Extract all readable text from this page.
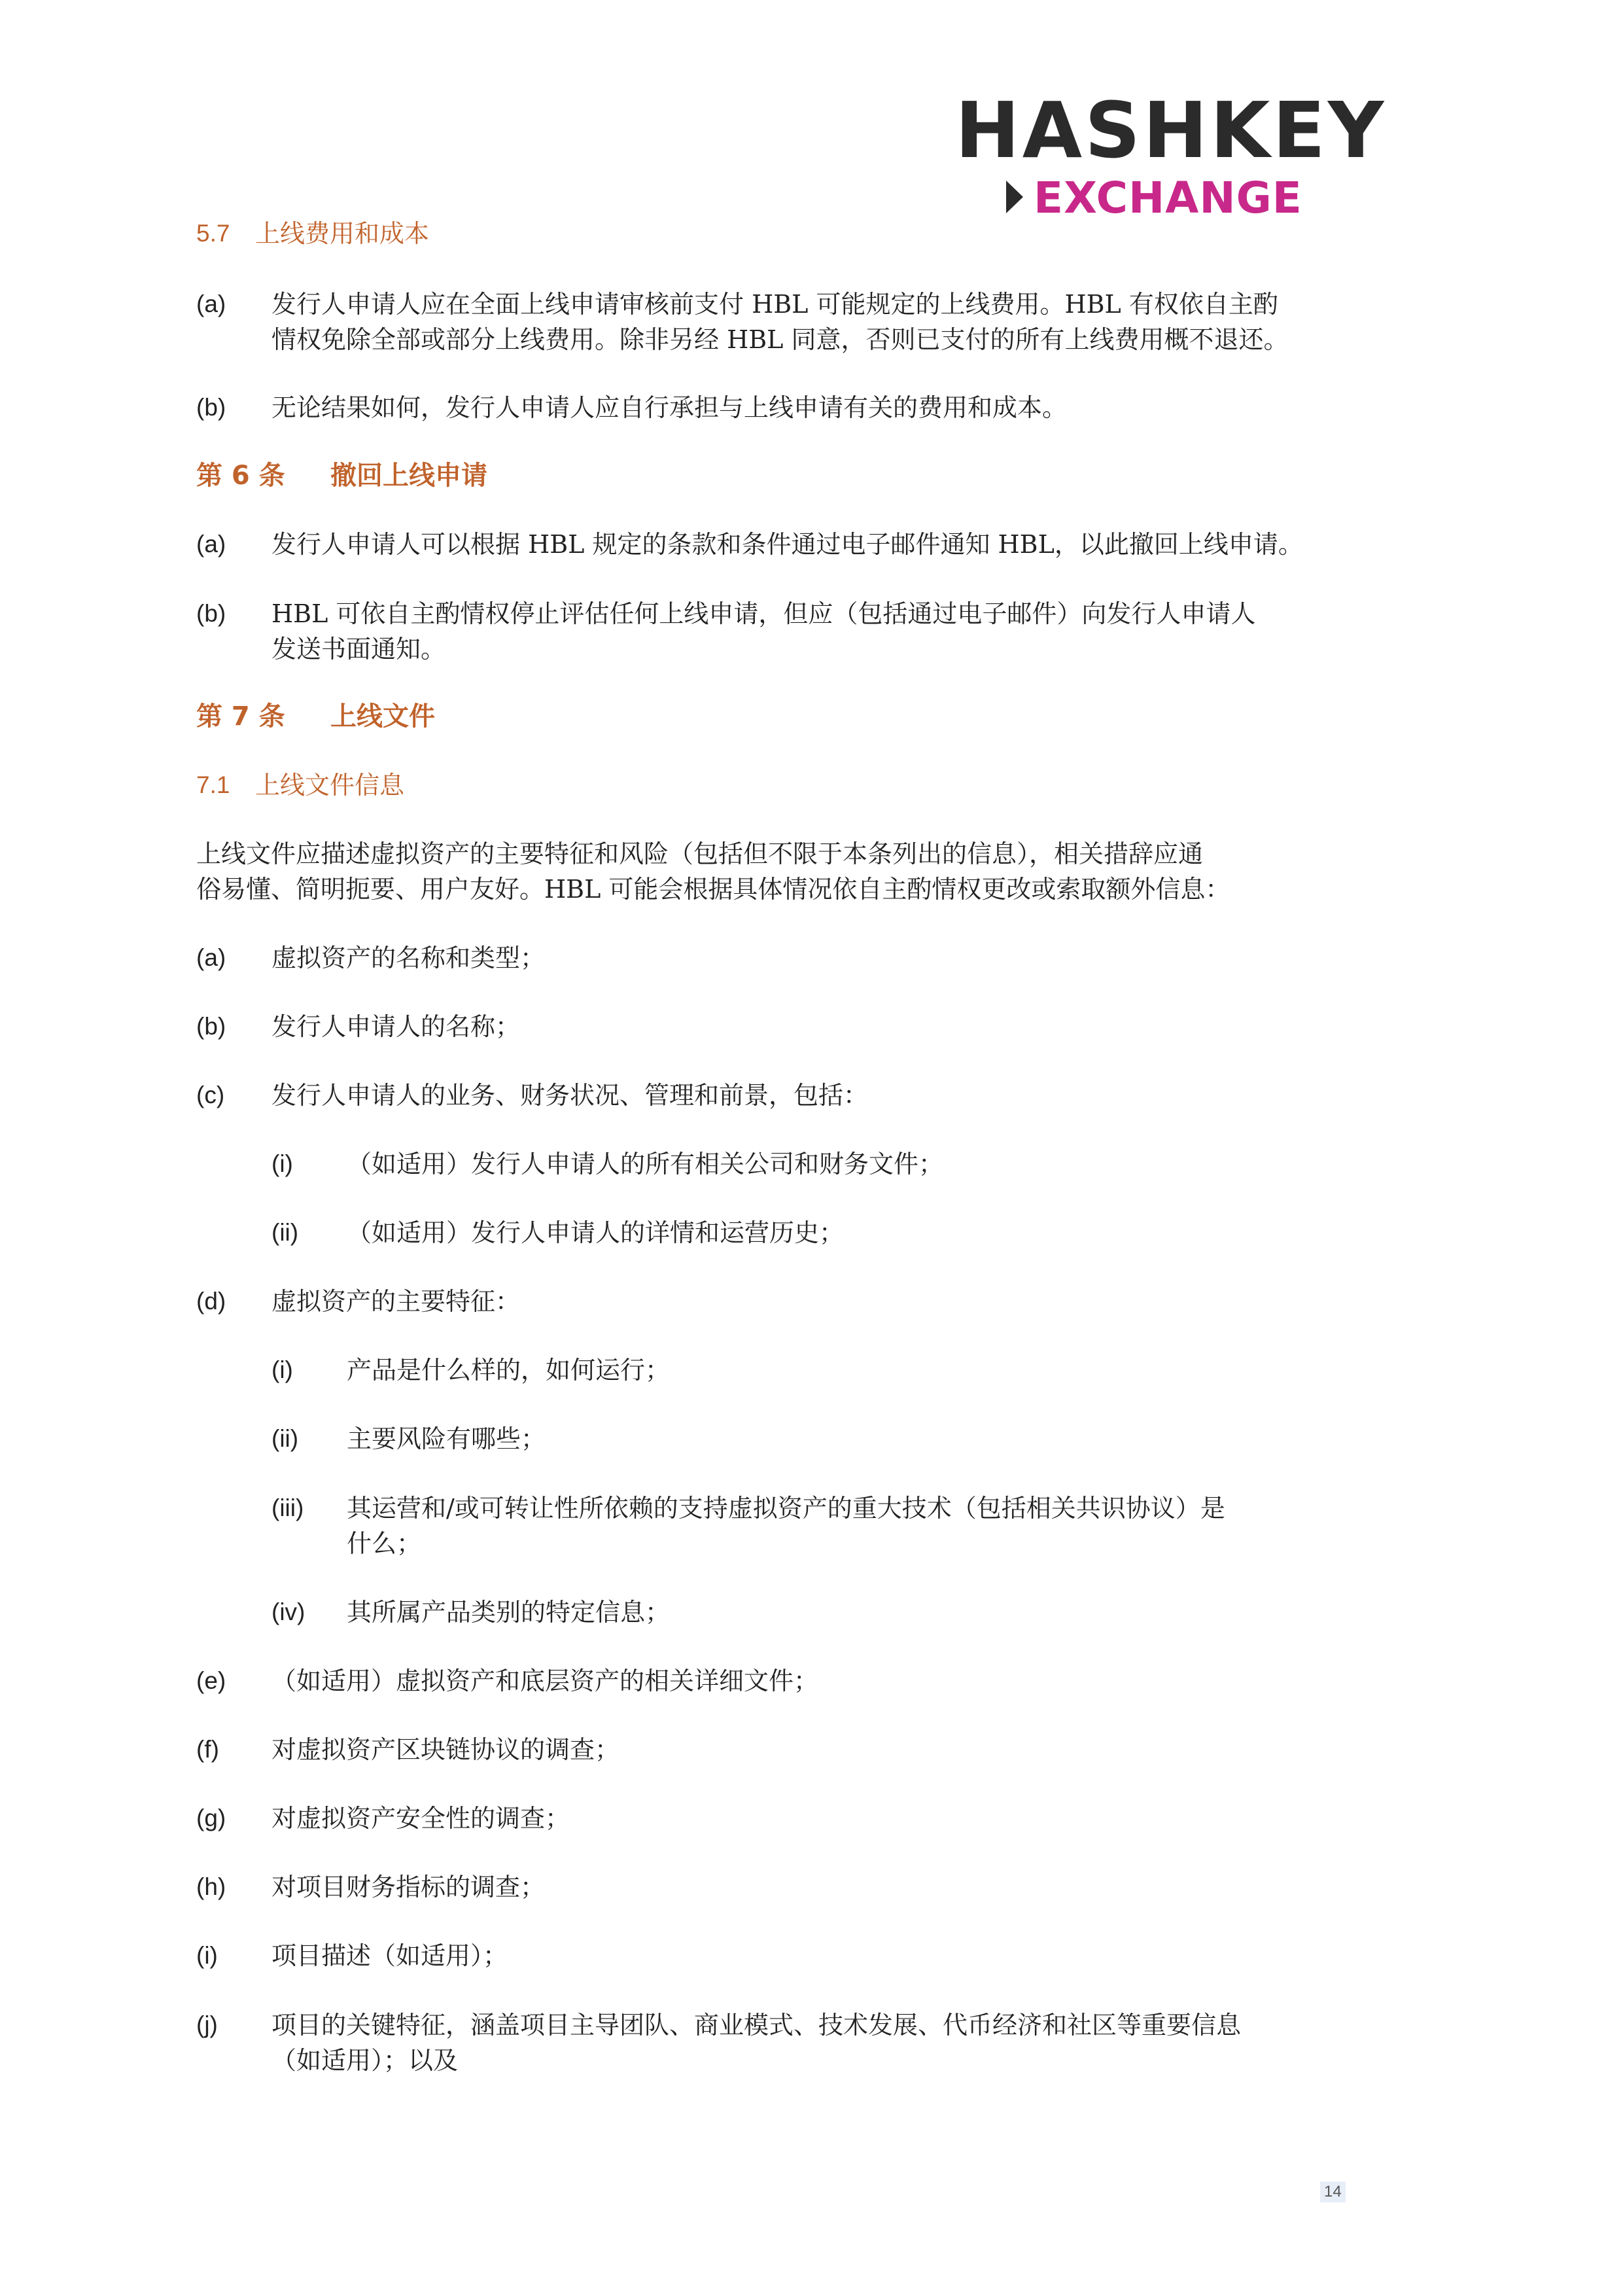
HASHKEY
EXCHANGE
5.7 上线费用和成本
(a) 发行人申请人应在全面上线申请审核前支付 HBL 可能规定的上线费用。HBL 有权依自主酌
情权免除全部或部分上线费用。除非另经 HBL 同意，否则已支付的所有上线费用概不退还。
(b) 无论结果如何，发行人申请人应自行承担与上线申请有关的费用和成本。
第 6 条 撤回上线申请
(a) 发行人申请人可以根据 HBL 规定的条款和条件通过电子邮件通知 HBL，以此撤回上线申请。
(b) HBL 可依自主酌情权停止评估任何上线申请，但应（包括通过电子邮件）向发行人申请人
发送书面通知。
第 7 条 上线文件
7.1 上线文件信息
上线文件应描述虚拟资产的主要特征和风险（包括但不限于本条列出的信息），相关措辞应通
俗易懂、简明扼要、用户友好。HBL 可能会根据具体情况依自主酌情权更改或索取额外信息：
(a) 虚拟资产的名称和类型；
(b) 发行人申请人的名称；
(c) 发行人申请人的业务、财务状况、管理和前景，包括：
(i) （如适用）发行人申请人的所有相关公司和财务文件；
(ii) （如适用）发行人申请人的详情和运营历史；
(d) 虚拟资产的主要特征：
(i) 产品是什么样的，如何运行；
(ii) 主要风险有哪些；
(iii) 其运营和/或可转让性所依赖的支持虚拟资产的重大技术（包括相关共识协议）是
什么；
(iv) 其所属产品类别的特定信息；
(e) （如适用）虚拟资产和底层资产的相关详细文件；
(f) 对虚拟资产区块链协议的调查；
(g) 对虚拟资产安全性的调查；
(h) 对项目财务指标的调查；
(i) 项目描述（如适用）；
(j) 项目的关键特征，涵盖项目主导团队、商业模式、技术发展、代币经济和社区等重要信息
（如适用）；以及
14
